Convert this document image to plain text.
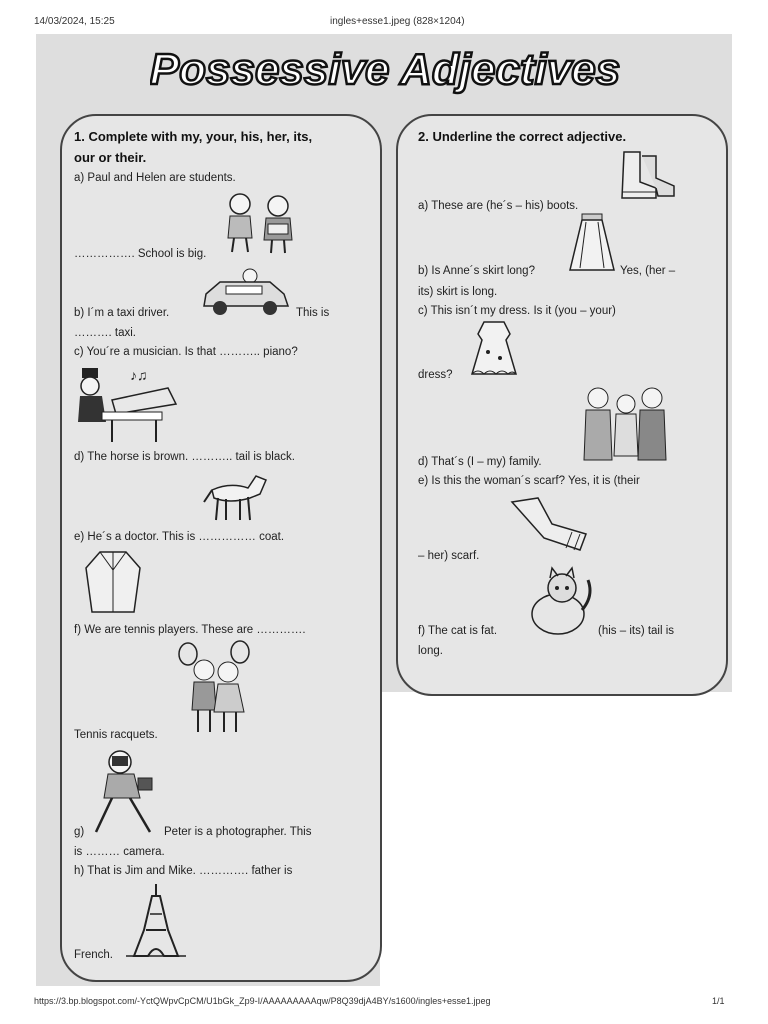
14/03/2024, 15:25	ingles+esse1.jpeg (828×1204)
https://3.bp.blogspot.com/-YctQWpvCpCM/U1bGk_Zp9-I/AAAAAAAAAqw/P8Q39djA4BY/s1600/ingles+esse1.jpeg	1/1
Possessive Adjectives
1. Complete with my, your, his, her, its,
our or their.
a) Paul and Helen are students.
……………. School is big.
b) I´m a taxi driver.	This is
………. taxi.
c) You´re a musician. Is that ……….. piano?
♪♫
d) The horse is brown. ……….. tail is black.
e) He´s a doctor. This is …………… coat.
f) We are tennis players. These are ………….
Tennis racquets.
g)	Peter is a photographer. This
is ……… camera.
h) That is Jim and Mike. …………. father is
French.
2. Underline the correct adjective.
a) These are (he´s – his) boots.
b) Is Anne´s skirt long?	Yes, (her –
its) skirt is long.
c) This isn´t my dress. Is it (you – your)
dress?
d) That´s (I – my) family.
e) Is this the woman´s scarf? Yes, it is (their
– her) scarf.
f) The cat is fat.	(his – its) tail is
long.
